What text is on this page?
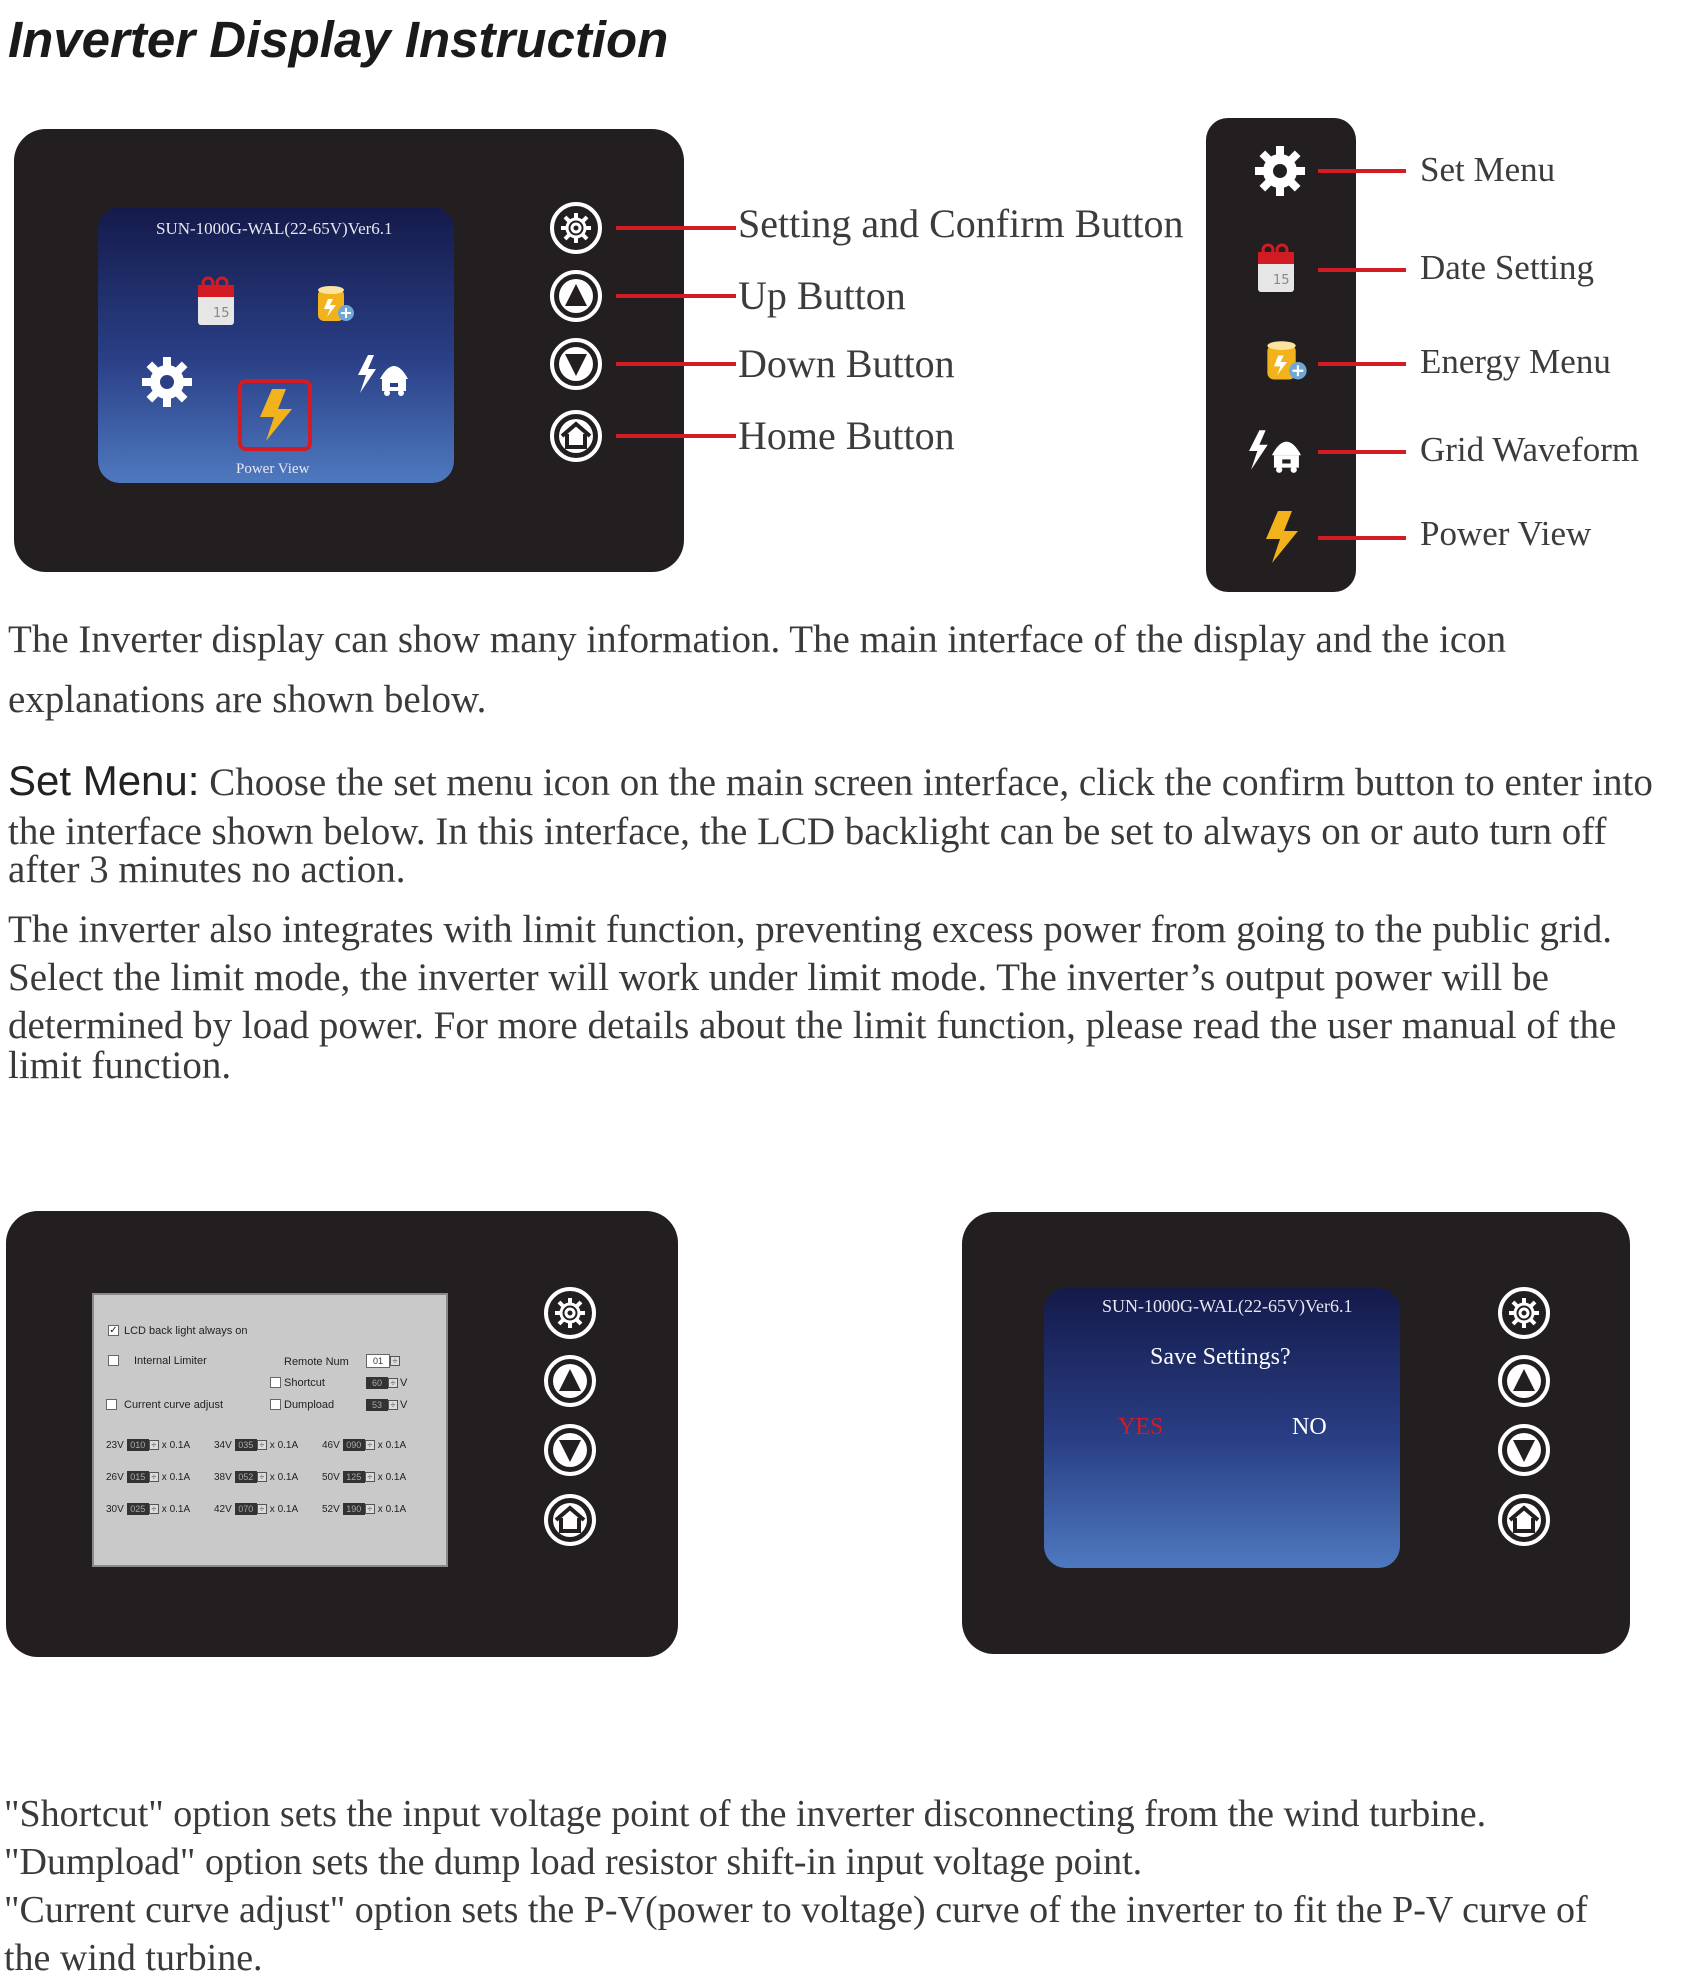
Inverter Display Instruction
SUN-1000G-WAL(22-65V)Ver6.1
15
Power View
Setting and Confirm Button
Up Button
Down Button
Home Button
15
Set Menu
Date Setting
Energy Menu
Grid Waveform
Power View
The Inverter display can show many information. The main interface of the display and the icon
explanations are shown below.
Set Menu: Choose the set menu icon on the main screen interface, click the confirm button to enter into
the interface shown below. In this interface, the LCD backlight can be set to always on or auto turn off
after 3 minutes no action.
The inverter also integrates with limit function, preventing excess power from going to the public grid.
Select the limit mode, the inverter will work under limit mode. The inverter’s output power will be
determined by load power. For more details about the limit function, please read the user manual of the
limit function.
✓ LCD back light always on
Internal Limiter	Remote Num	01	÷
Shortcut	60 ÷ V
Current curve adjust	Dumpload	53 ÷ V
23V 010 ÷ x 0.1A 34V 035 ÷ x 0.1A 46V 090 ÷ x 0.1A
26V 015 ÷ x 0.1A 38V 052 ÷ x 0.1A 50V 125 ÷ x 0.1A
30V 025 ÷ x 0.1A 42V 070 ÷ x 0.1A 52V 190 ÷ x 0.1A
SUN-1000G-WAL(22-65V)Ver6.1
Save Settings?
YES	NO
"Shortcut" option sets the input voltage point of the inverter disconnecting from the wind turbine.
"Dumpload" option sets the dump load resistor shift-in input voltage point.
"Current curve adjust" option sets the P-V(power to voltage) curve of the inverter to fit the P-V curve of
the wind turbine.
